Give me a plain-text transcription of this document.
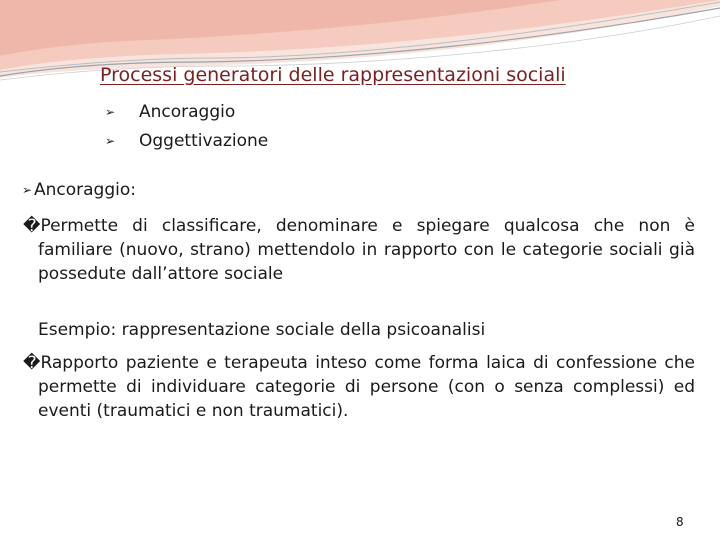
Processi generatori delle rappresentazioni sociali
➢	Ancoraggio
➢	Oggettivazione
➢ Ancoraggio:
�Permette di classificare, denominare e spiegare qualcosa che non è familiare (nuovo, strano) mettendolo in rapporto con le categorie sociali già possedute dall’attore sociale
Esempio: rappresentazione sociale della psicoanalisi
�Rapporto paziente e terapeuta inteso come forma laica di confessione che permette di individuare categorie di persone (con o senza complessi) ed eventi (traumatici e non traumatici).
8
